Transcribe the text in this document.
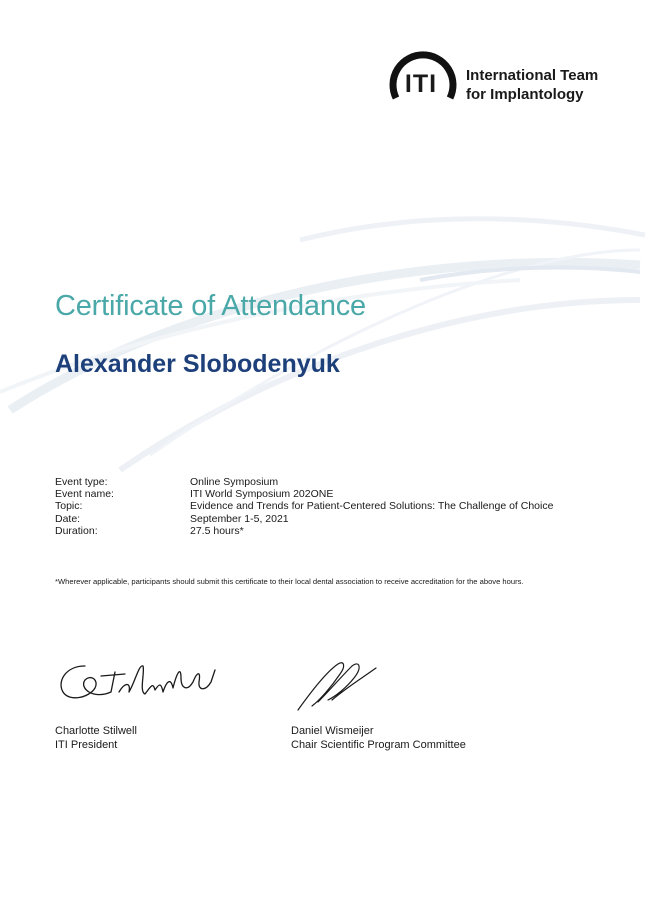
ITI	International Team
for Implantology
Certificate of Attendance
Alexander Slobodenyuk
Event type:	Online Symposium
Event name:	ITI World Symposium 202ONE
Topic:	Evidence and Trends for Patient-Centered Solutions: The Challenge of Choice
Date:	September 1-5, 2021
Duration:	27.5 hours*
*Wherever applicable, participants should submit this certificate to their local dental association to receive accreditation for the above hours.
Charlotte Stilwell
ITI President
Daniel Wismeijer
Chair Scientific Program Committee
